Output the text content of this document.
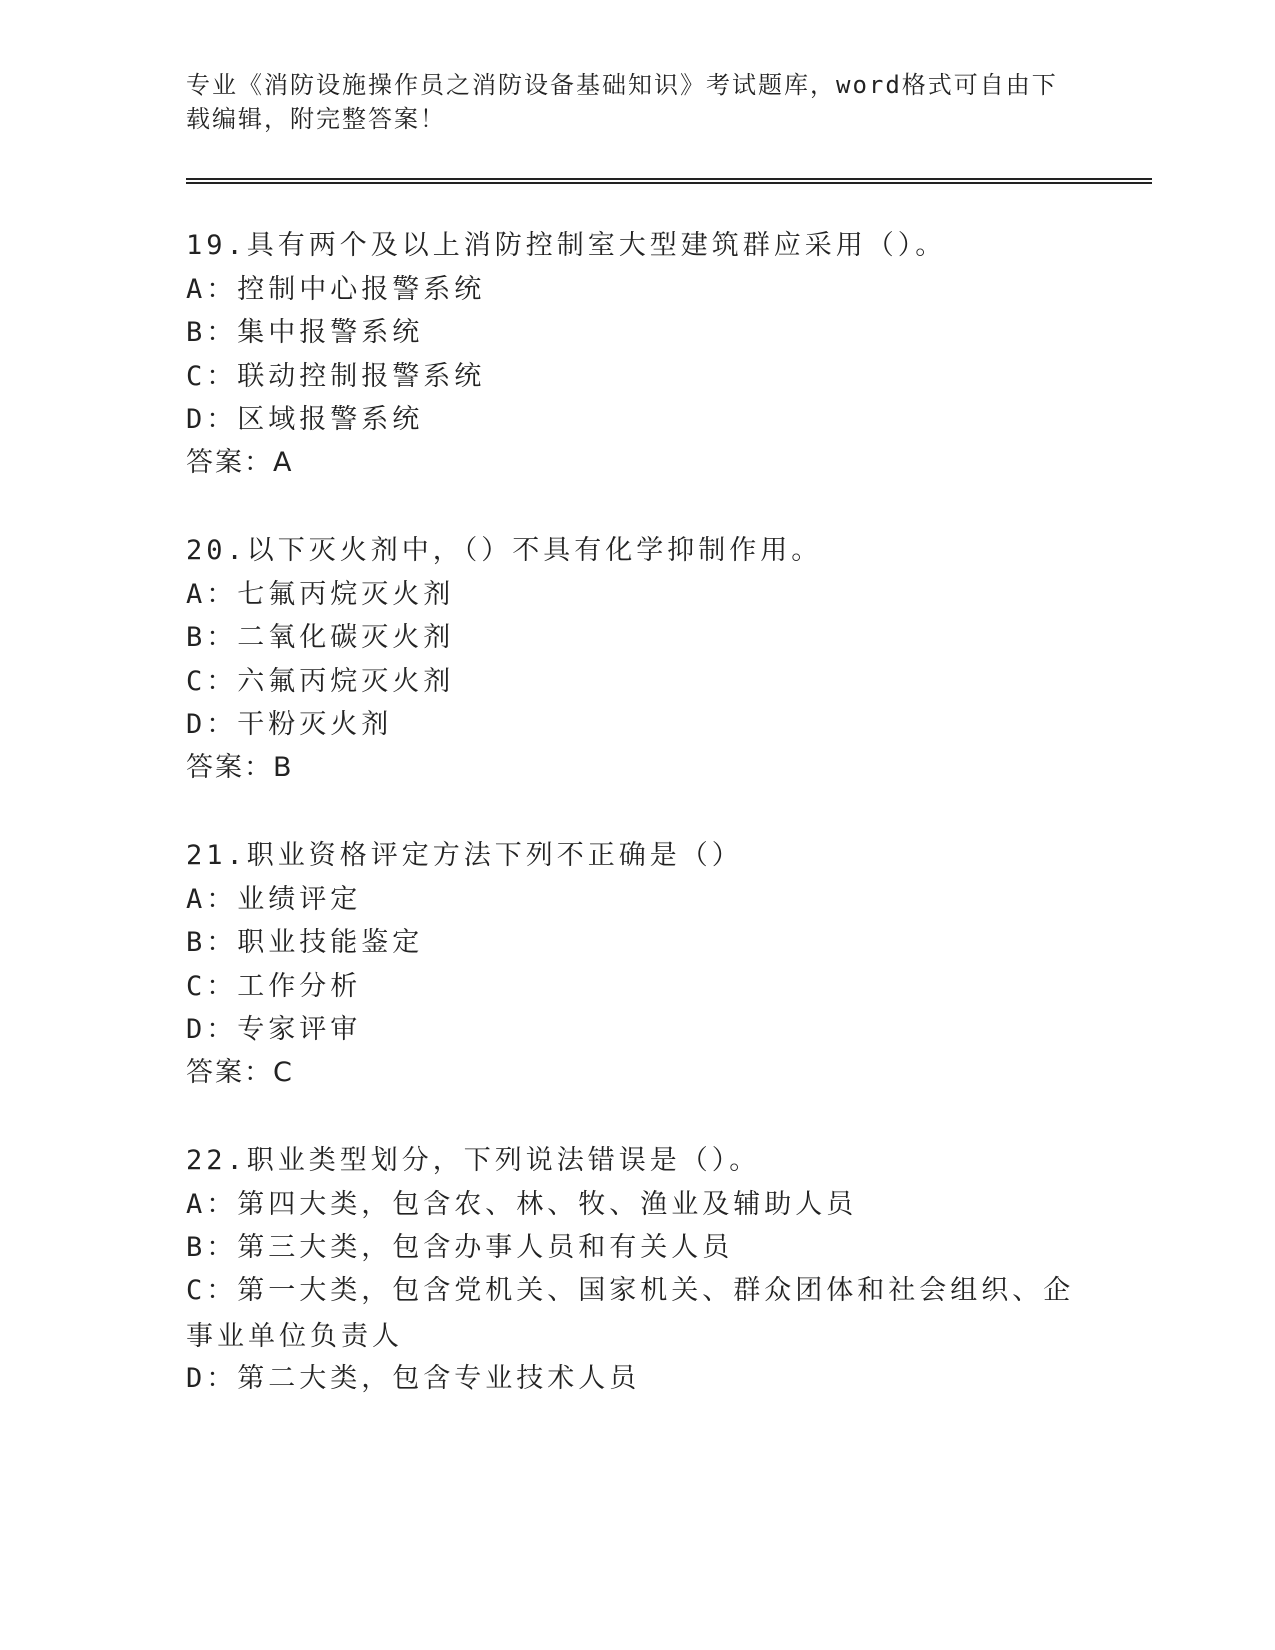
专业《消防设施操作员之消防设备基础知识》考试题库，word格式可自由下载编辑，附完整答案！
19.具有两个及以上消防控制室大型建筑群应采用（）。
A：控制中心报警系统
B：集中报警系统
C：联动控制报警系统
D：区域报警系统
答案：A
20.以下灭火剂中，（）不具有化学抑制作用。
A：七氟丙烷灭火剂
B：二氧化碳灭火剂
C：六氟丙烷灭火剂
D：干粉灭火剂
答案：B
21.职业资格评定方法下列不正确是（）
A：业绩评定
B：职业技能鉴定
C：工作分析
D：专家评审
答案：C
22.职业类型划分，下列说法错误是（）。
A：第四大类，包含农、林、牧、渔业及辅助人员
B：第三大类，包含办事人员和有关人员
C：第一大类，包含党机关、国家机关、群众团体和社会组织、企事业单位负责人
D：第二大类，包含专业技术人员
